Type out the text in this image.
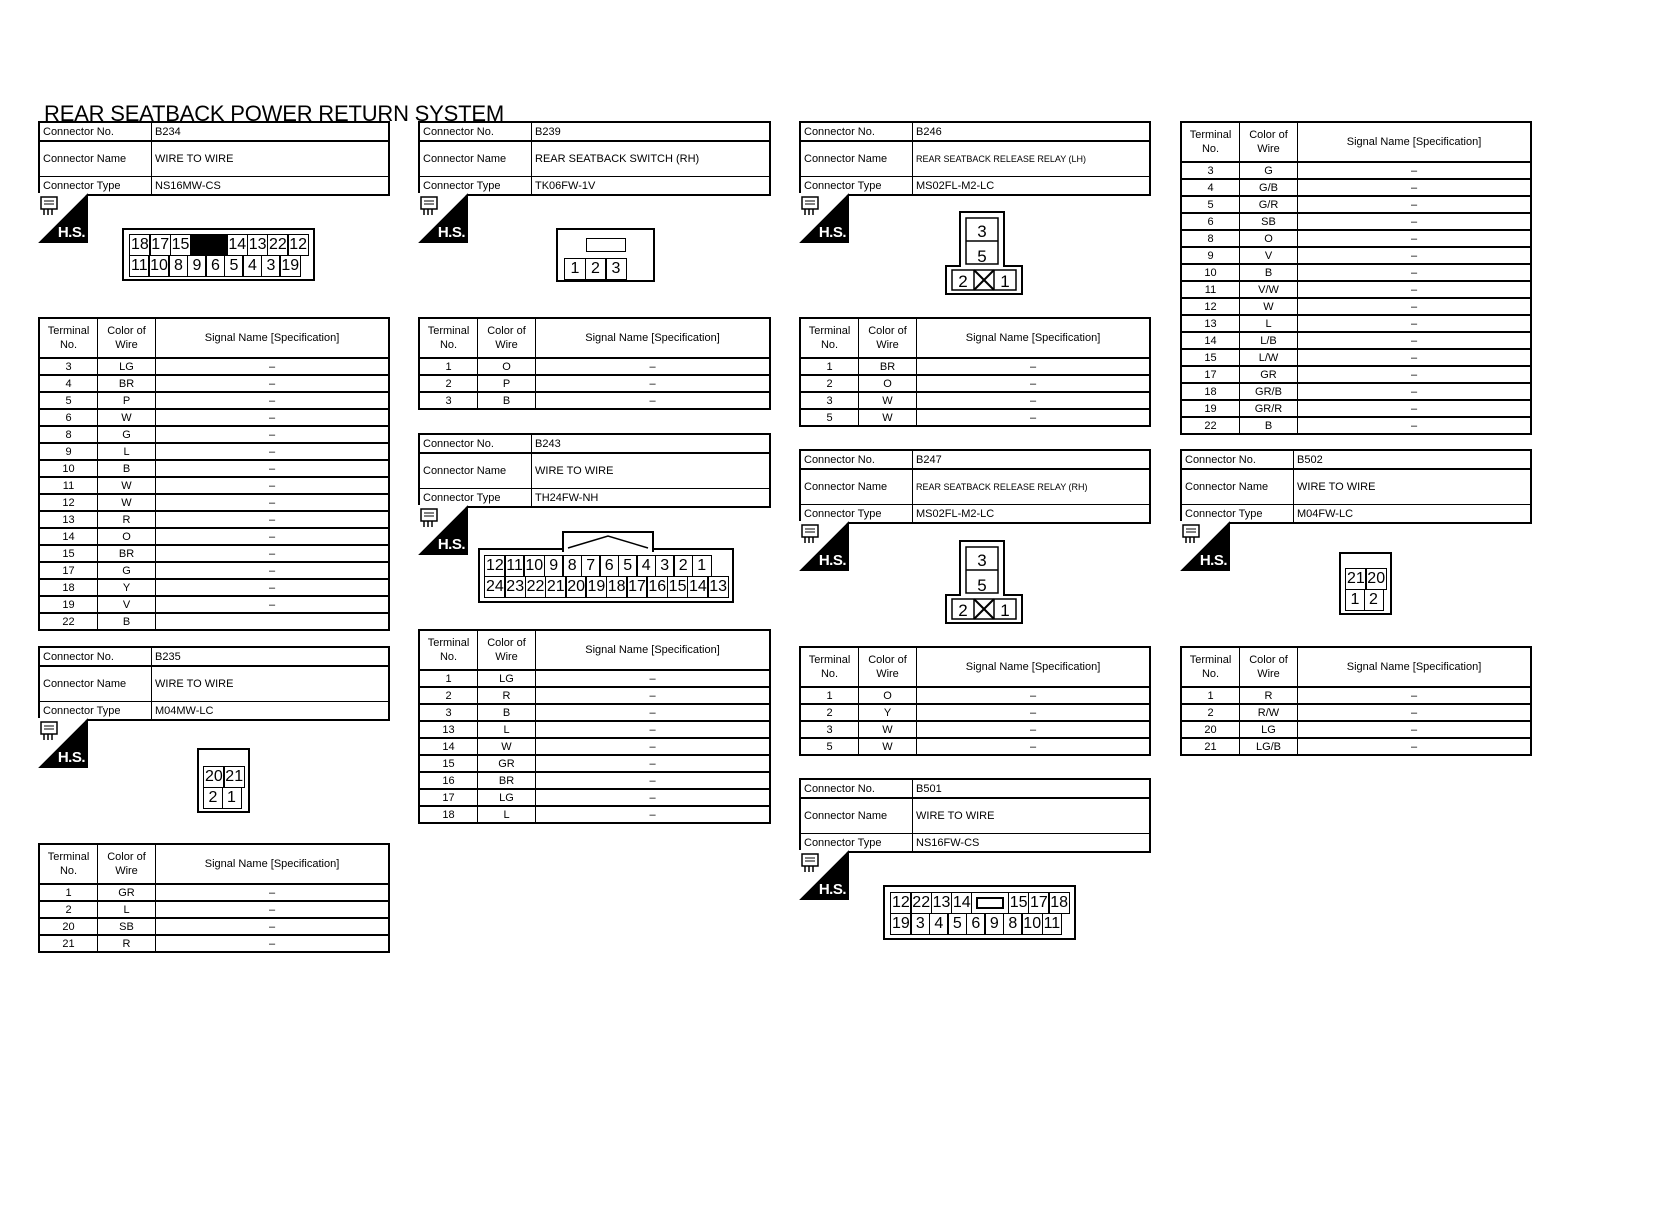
REAR SEATBACK POWER RETURN SYSTEM
Connector No.	B234
Connector Name	WIRE TO WIRE
Connector Type	NS16MW-CS
H.S.
18 17 15 14 13 22 12
11 10 8 9 6 5 4 3 19
Terminal
No.	Color of
Wire	Signal Name [Specification]
3	LG	–
4	BR	–
5	P	–
6	W	–
8	G	–
9	L	–
10	B	–
11	W	–
12	W	–
13	R	–
14	O	–
15	BR	–
17	G	–
18	Y	–
19	V	–
22	B	
Connector No.	B235
Connector Name	WIRE TO WIRE
Connector Type	M04MW-LC
H.S.
20 21
2 1
Terminal
No.	Color of
Wire	Signal Name [Specification]
1	GR	–
2	L	–
20	SB	–
21	R	–
Connector No.	B239
Connector Name	REAR SEATBACK SWITCH (RH)
Connector Type	TK06FW-1V
H.S.
1 2 3
Terminal
No.	Color of
Wire	Signal Name [Specification]
1	O	–
2	P	–
3	B	–
Connector No.	B243
Connector Name	WIRE TO WIRE
Connector Type	TH24FW-NH
H.S.
12 11 10 9 8 7 6 5 4 3 2 1
24 23 22 21 20 19 18 17 16 15 14 13
Terminal
No.	Color of
Wire	Signal Name [Specification]
1	LG	–
2	R	–
3	B	–
13	L	–
14	W	–
15	GR	–
16	BR	–
17	LG	–
18	L	–
Connector No.	B246
Connector Name	REAR SEATBACK RELEASE RELAY (LH)
Connector Type	MS02FL-M2-LC
H.S.	3
5
2 1
Terminal
No.	Color of
Wire	Signal Name [Specification]
1	BR	–
2	O	–
3	W	–
5	W	–
Connector No.	B247
Connector Name	REAR SEATBACK RELEASE RELAY (RH)
Connector Type	MS02FL-M2-LC
H.S.	3
5
2 1
Terminal
No.	Color of
Wire	Signal Name [Specification]
1	O	–
2	Y	–
3	W	–
5	W	–
Connector No.	B501
Connector Name	WIRE TO WIRE
Connector Type	NS16FW-CS
H.S.
12 22 13 14 15 17 18
19 3 4 5 6 9 8 10 11
Terminal
No.	Color of
Wire	Signal Name [Specification]
3	G	–
4	G/B	–
5	G/R	–
6	SB	–
8	O	–
9	V	–
10	B	–
11	V/W	–
12	W	–
13	L	–
14	L/B	–
15	L/W	–
17	GR	–
18	GR/B	–
19	GR/R	–
22	B	–
Connector No.	B502
Connector Name	WIRE TO WIRE
Connector Type	M04FW-LC
H.S.
21 20
1 2
Terminal
No.	Color of
Wire	Signal Name [Specification]
1	R	–
2	R/W	–
20	LG	–
21	LG/B	–
